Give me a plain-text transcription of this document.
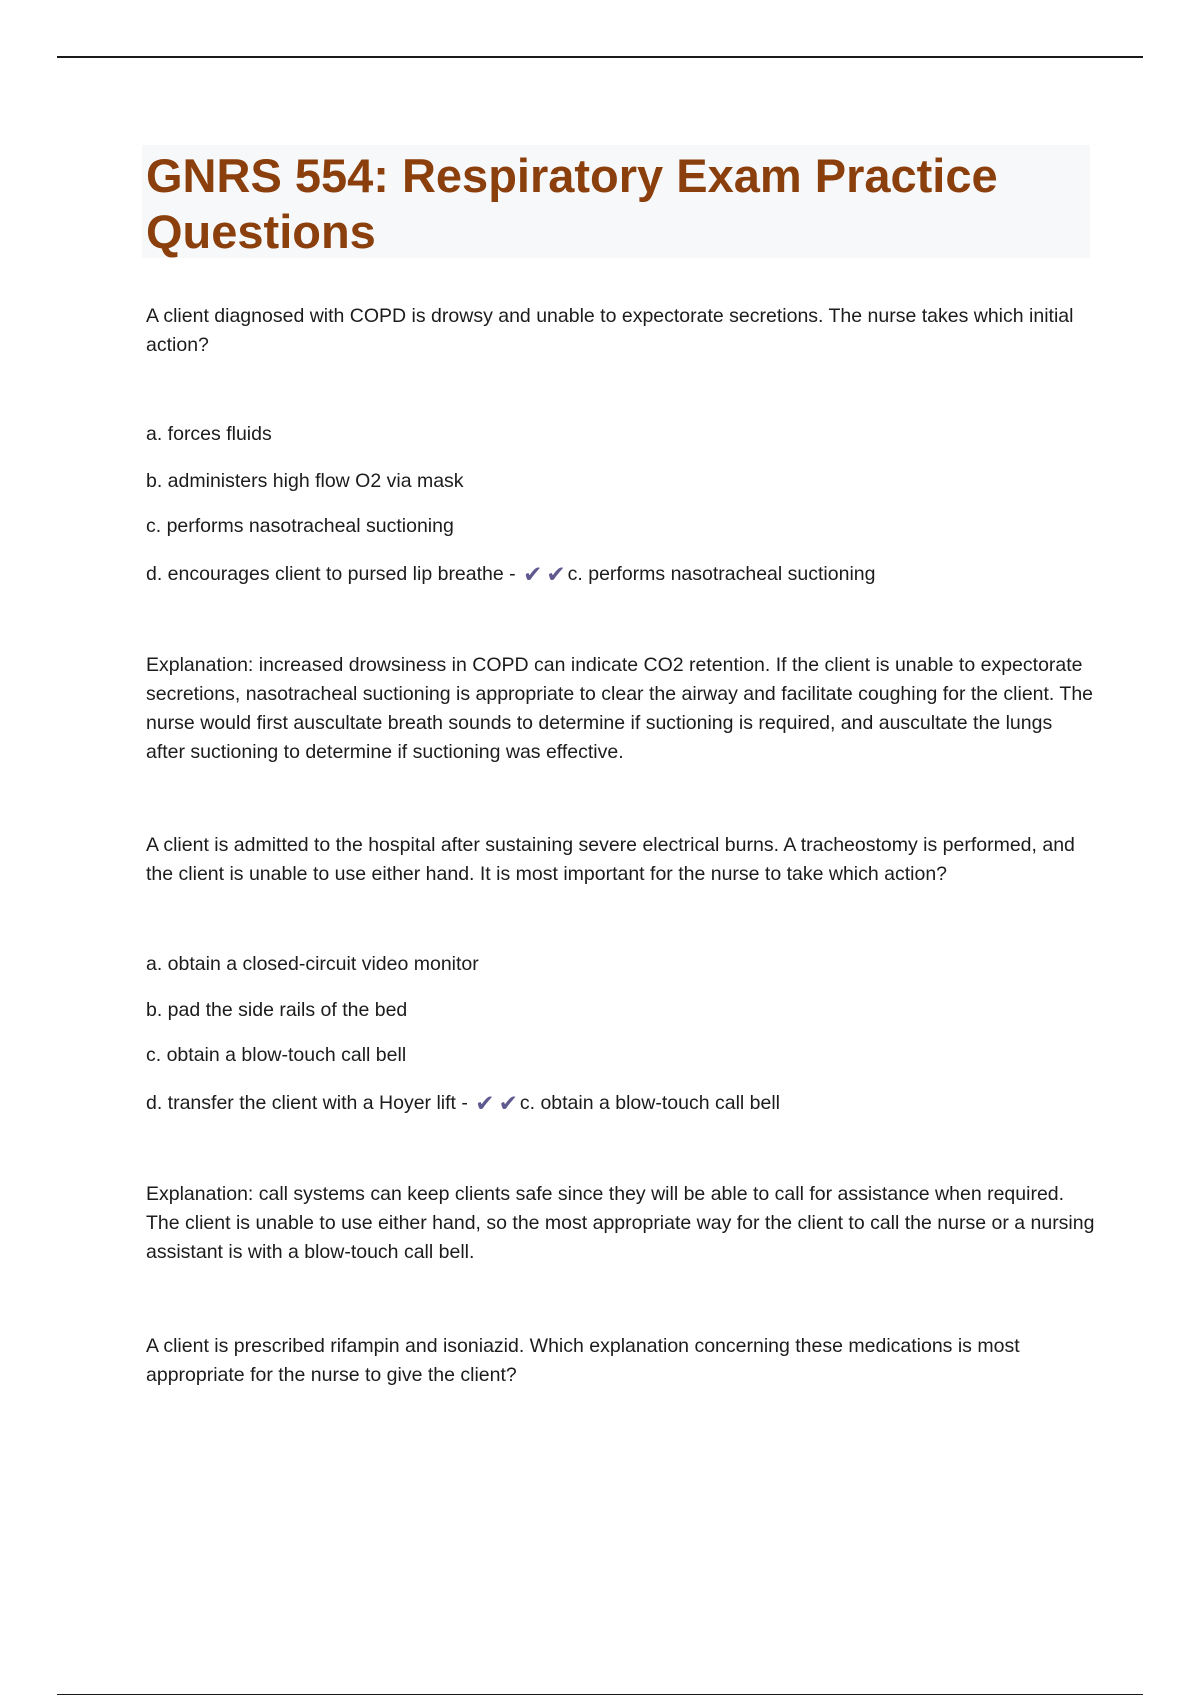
GNRS 554: Respiratory Exam Practice Questions

A client diagnosed with COPD is drowsy and unable to expectorate secretions. The nurse takes which initial action?

a. forces fluids

b. administers high flow O2 via mask

c. performs nasotracheal suctioning

d. encourages client to pursed lip breathe - ✔ ✔ c. performs nasotracheal suctioning

Explanation: increased drowsiness in COPD can indicate CO2 retention. If the client is unable to expectorate secretions, nasotracheal suctioning is appropriate to clear the airway and facilitate coughing for the client. The nurse would first auscultate breath sounds to determine if suctioning is required, and auscultate the lungs after suctioning to determine if suctioning was effective.

A client is admitted to the hospital after sustaining severe electrical burns. A tracheostomy is performed, and the client is unable to use either hand. It is most important for the nurse to take which action?

a. obtain a closed-circuit video monitor

b. pad the side rails of the bed

c. obtain a blow-touch call bell

d. transfer the client with a Hoyer lift - ✔ ✔ c. obtain a blow-touch call bell

Explanation: call systems can keep clients safe since they will be able to call for assistance when required. The client is unable to use either hand, so the most appropriate way for the client to call the nurse or a nursing assistant is with a blow-touch call bell.

A client is prescribed rifampin and isoniazid. Which explanation concerning these medications is most appropriate for the nurse to give the client?
